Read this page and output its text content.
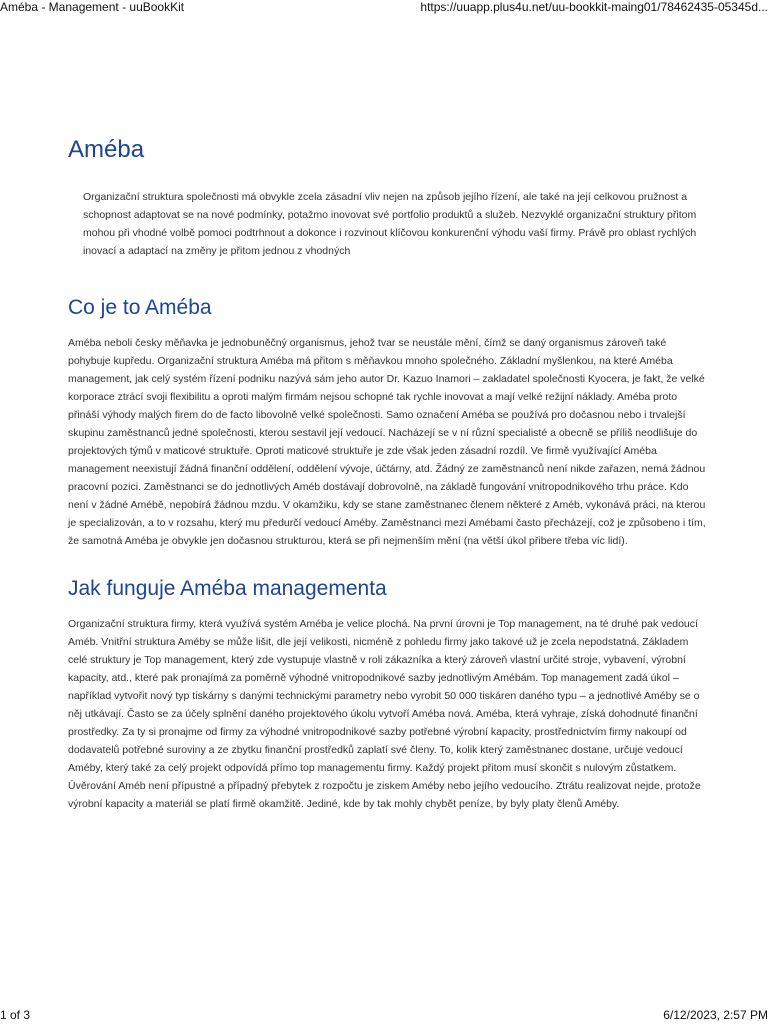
Améba - Management - uuBookKit	https://uuapp.plus4u.net/uu-bookkit-maing01/78462435-05345d...
Améba

Organizační struktura společnosti má obvykle zcela zásadní vliv nejen na způsob jejího řízení, ale také na její celkovou pružnost a schopnost adaptovat se na nové podmínky, potažmo inovovat své portfolio produktů a služeb. Nezvyklé organizační struktury přitom mohou při vhodné volbě pomoci podtrhnout a dokonce i rozvinout klíčovou konkurenční výhodu vaší firmy. Právě pro oblast rychlých inovací a adaptací na změny je přitom jednou z vhodných

Co je to Améba

Améba neboli česky měňavka je jednobuněčný organismus, jehož tvar se neustále mění, čímž se daný organismus zároveň také pohybuje kupředu. Organizační struktura Améba má přitom s měňavkou mnoho společného. Základní myšlenkou, na které Améba management, jak celý systém řízení podniku nazývá sám jeho autor Dr. Kazuo Inamori – zakladatel společnosti Kyocera, je fakt, že velké korporace ztrácí svoji flexibilitu a oproti malým firmám nejsou schopné tak rychle inovovat a mají velké režijní náklady. Améba proto přináší výhody malých firem do de facto libovolně velké společnosti. Samo označení Améba se používá pro dočasnou nebo i trvalejší skupinu zaměstnanců jedné společnosti, kterou sestavil její vedoucí. Nacházejí se v ní různí specialisté a obecně se příliš neodlišuje do projektových týmů v maticové struktuře. Oproti maticové struktuře je zde však jeden zásadní rozdíl. Ve firmě využívající Améba management neexistují žádná finanční oddělení, oddělení vývoje, účtárny, atd. Žádný ze zaměstnanců není nikde zařazen, nemá žádnou pracovní pozici. Zaměstnanci se do jednotlivých Améb dostávají dobrovolně, na základě fungování vnitropodnikového trhu práce. Kdo není v žádné Amébě, nepobírá žádnou mzdu. V okamžiku, kdy se stane zaměstnanec členem některé z Améb, vykonává práci, na kterou je specializován, a to v rozsahu, který mu předurčí vedoucí Améby. Zaměstnanci mezi Amébami často přecházejí, což je způsobeno i tím, že samotná Améba je obvykle jen dočasnou strukturou, která se při nejmenším mění (na větší úkol přibere třeba víc lidí).

Jak funguje Améba managementa

Organizační struktura firmy, která využívá systém Améba je velice plochá. Na první úrovni je Top management, na té druhé pak vedoucí Améb. Vnitřní struktura Améby se může lišit, dle její velikosti, nicméně z pohledu firmy jako takové už je zcela nepodstatná. Základem celé struktury je Top management, který zde vystupuje vlastně v roli zákazníka a který zároveň vlastní určité stroje, vybavení, výrobní kapacity, atd., které pak pronajímá za poměrně výhodné vnitropodnikové sazby jednotlivým Amébám. Top management zadá úkol – například vytvořit nový typ tiskárny s danými technickými parametry nebo vyrobit 50 000 tiskáren daného typu – a jednotlivé Améby se o něj utkávají. Často se za účely splnění daného projektového úkolu vytvoří Améba nová. Améba, která vyhraje, získá dohodnuté finanční prostředky. Za ty si pronajme od firmy za výhodné vnitropodnikové sazby potřebné výrobní kapacity, prostřednictvím firmy nakoupí od dodavatelů potřebné suroviny a ze zbytku finanční prostředků zaplatí své členy. To, kolik který zaměstnanec dostane, určuje vedoucí Améby, který také za celý projekt odpovídá přímo top managementu firmy. Každý projekt přitom musí skončit s nulovým zůstatkem. Úvěrování Améb není přípustné a případný přebytek z rozpočtu je ziskem Améby nebo jejího vedoucího. Ztrátu realizovat nejde, protože výrobní kapacity a materiál se platí firmě okamžitě. Jediné, kde by tak mohly chybět peníze, by byly platy členů Améby.

1 of 3	6/12/2023, 2:57 PM
